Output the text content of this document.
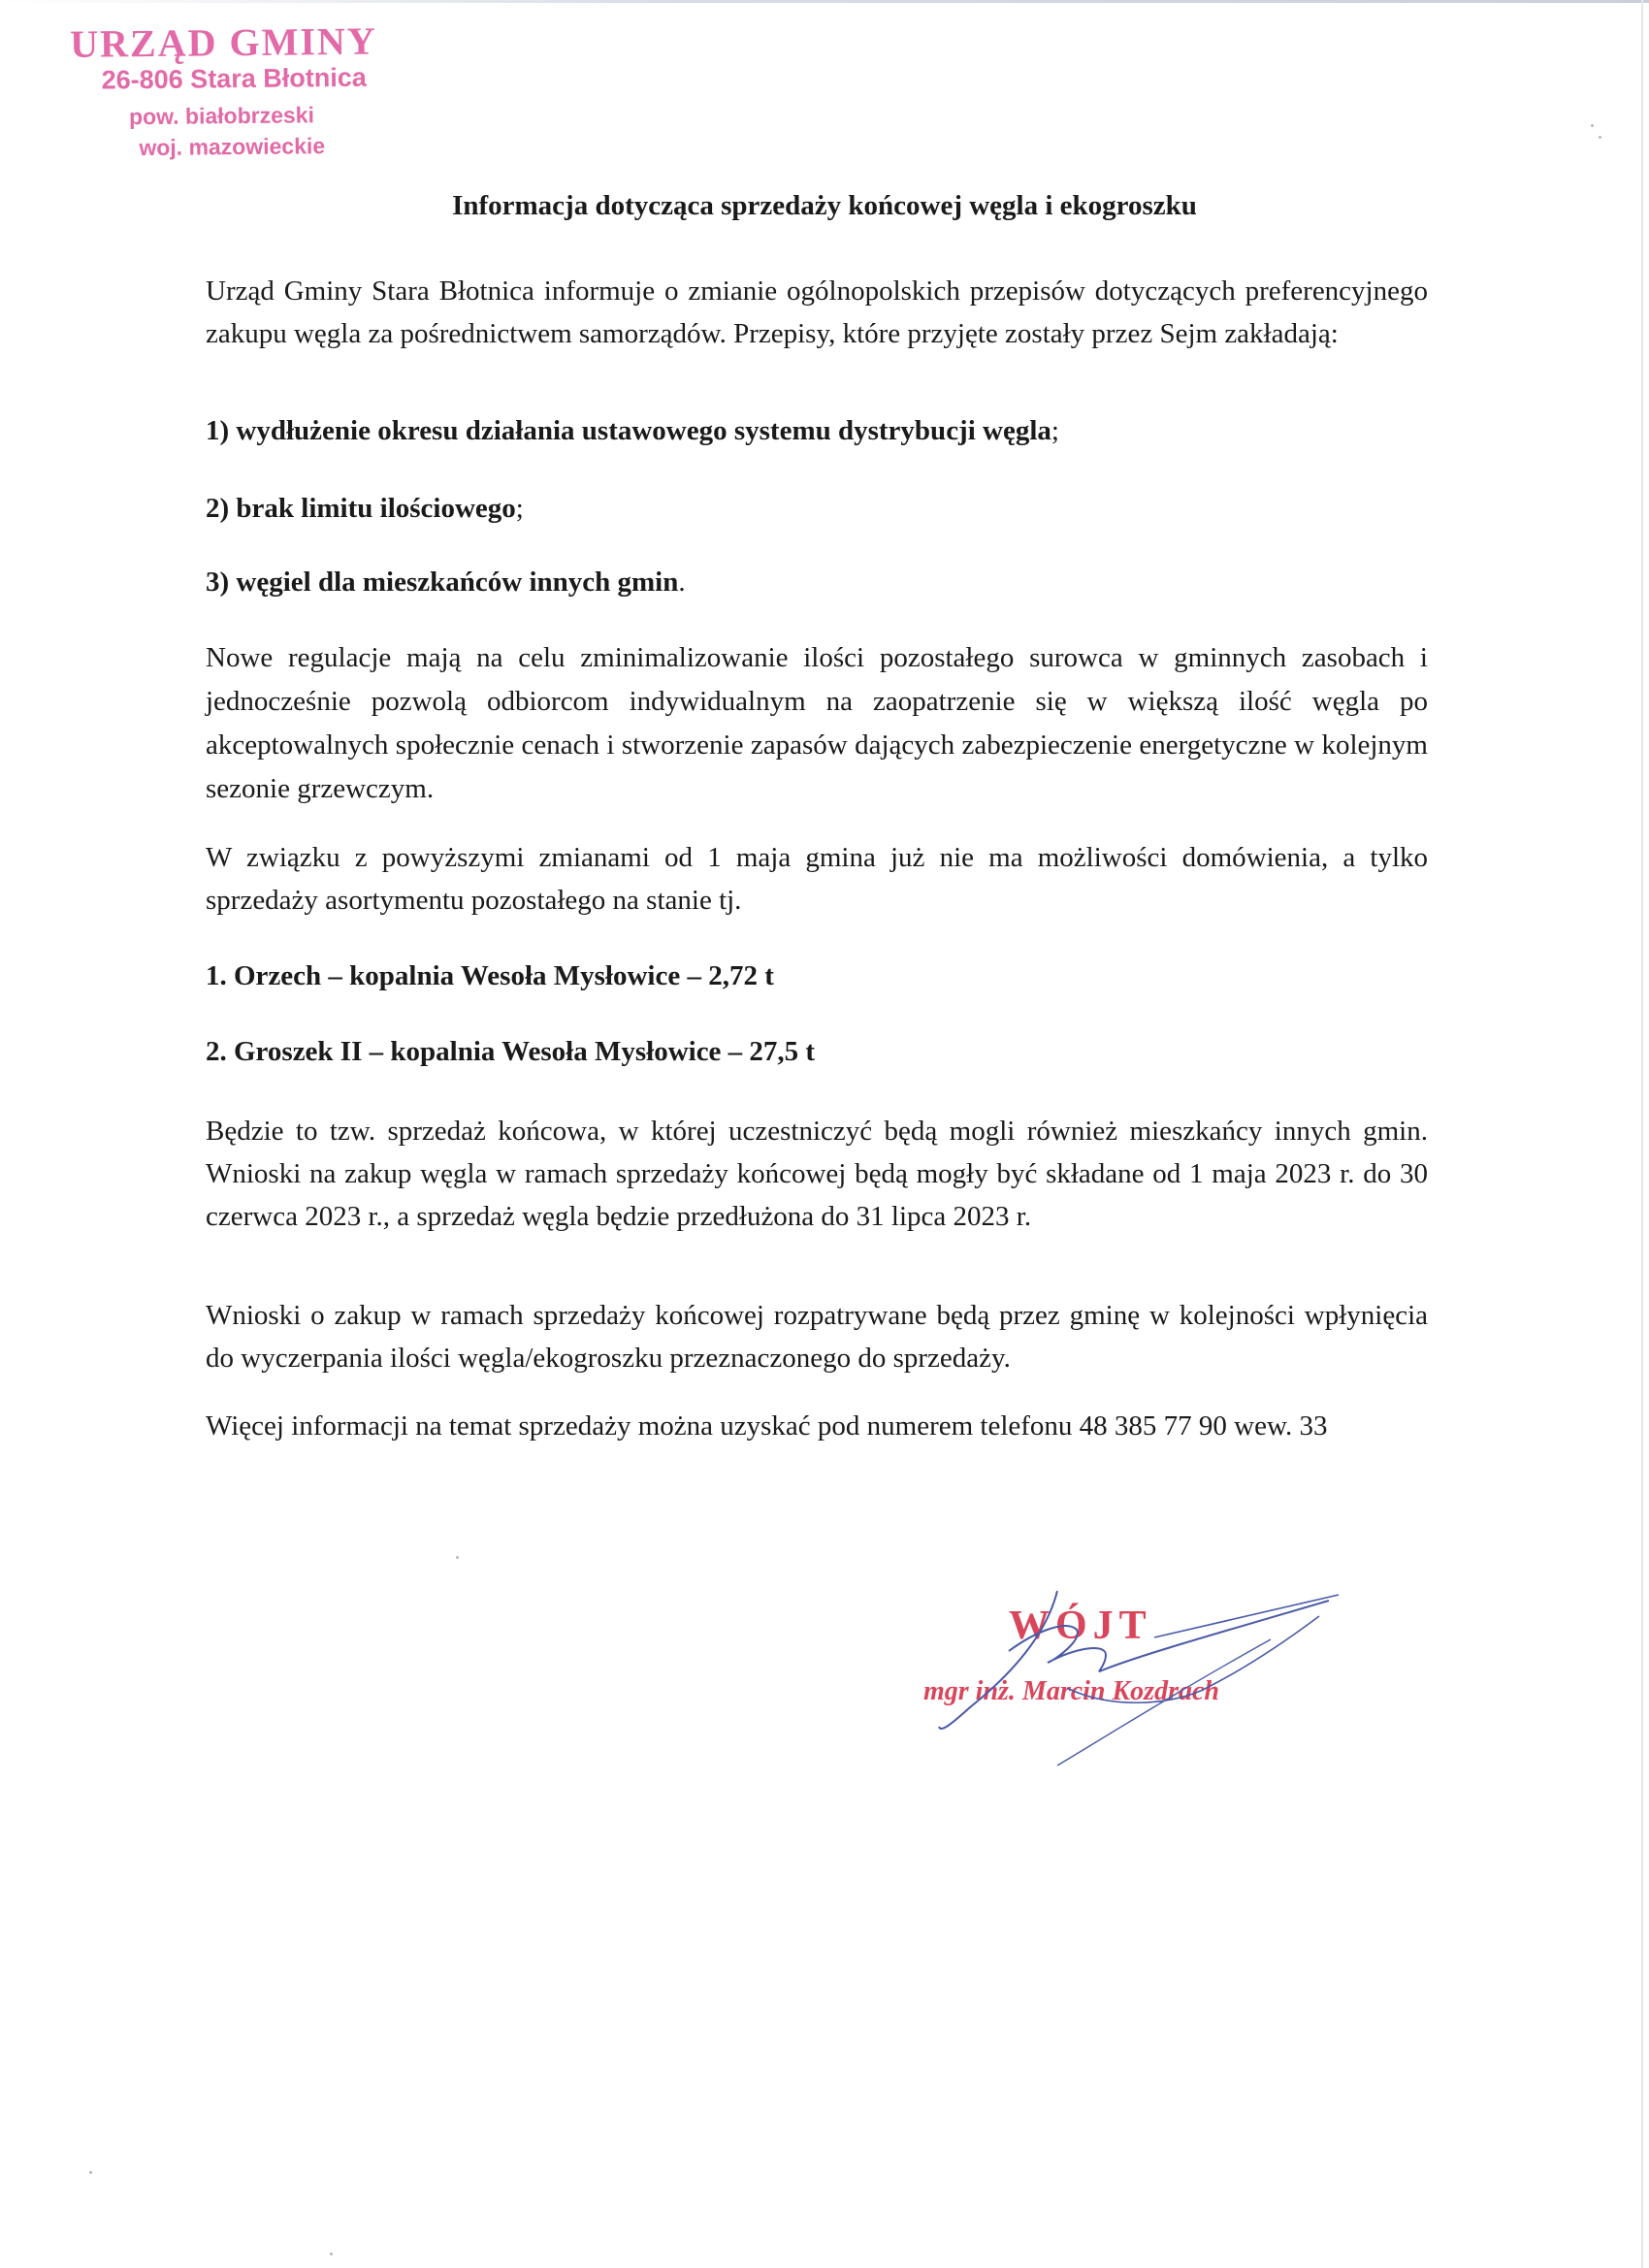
URZĄD GMINY
26-806 Stara Błotnica
pow. białobrzeski
woj. mazowieckie
Informacja dotycząca sprzedaży końcowej węgla i ekogroszku

Urząd Gminy Stara Błotnica informuje o zmianie ogólnopolskich przepisów dotyczących preferencyjnego zakupu węgla za pośrednictwem samorządów. Przepisy, które przyjęte zostały przez Sejm zakładają:

1) wydłużenie okresu działania ustawowego systemu dystrybucji węgla;

2) brak limitu ilościowego;

3) węgiel dla mieszkańców innych gmin.

Nowe regulacje mają na celu zminimalizowanie ilości pozostałego surowca w gminnych zasobach i jednocześnie pozwolą odbiorcom indywidualnym na zaopatrzenie się w większą ilość węgla po akceptowalnych społecznie cenach i stworzenie zapasów dających zabezpieczenie energetyczne w kolejnym sezonie grzewczym.

W związku z powyższymi zmianami od 1 maja gmina już nie ma możliwości domówienia, a tylko sprzedaży asortymentu pozostałego na stanie tj.

1. Orzech – kopalnia Wesoła Mysłowice – 2,72 t

2. Groszek II – kopalnia Wesoła Mysłowice – 27,5 t

Będzie to tzw. sprzedaż końcowa, w której uczestniczyć będą mogli również mieszkańcy innych gmin. Wnioski na zakup węgla w ramach sprzedaży końcowej będą mogły być składane od 1 maja 2023 r. do 30 czerwca 2023 r., a sprzedaż węgla będzie przedłużona do 31 lipca 2023 r.

Wnioski o zakup w ramach sprzedaży końcowej rozpatrywane będą przez gminę w kolejności wpłynięcia do wyczerpania ilości węgla/ekogroszku przeznaczonego do sprzedaży.

Więcej informacji na temat sprzedaży można uzyskać pod numerem telefonu 48 385 77 90 wew. 33

WÓJT
mgr inż. Marcin Kozdrach
